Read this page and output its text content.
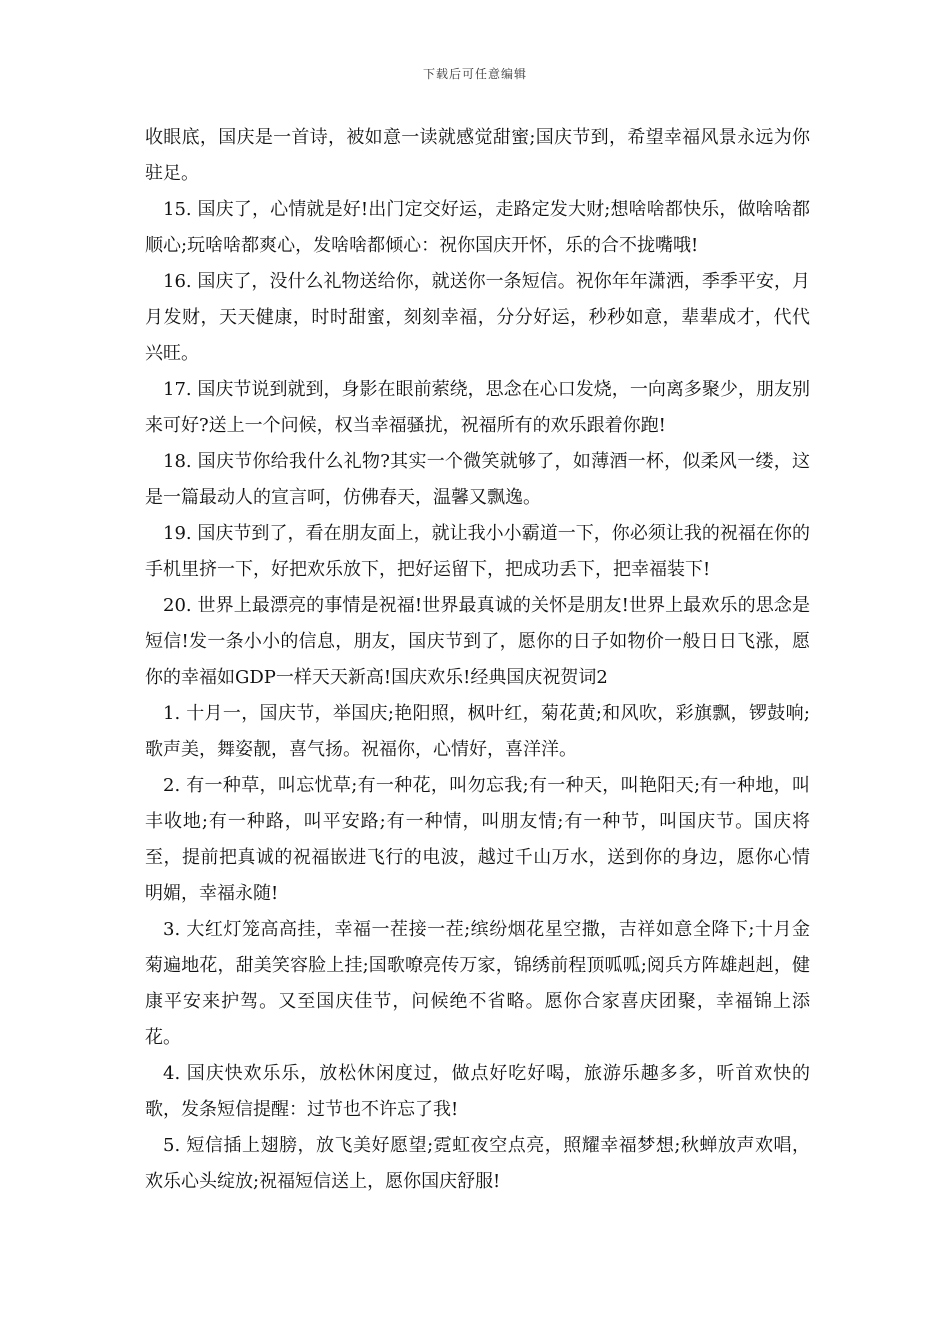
下载后可任意编辑

收眼底，国庆是一首诗，被如意一读就感觉甜蜜;国庆节到，希望幸福风景永远为你驻足。

15. 国庆了，心情就是好!出门定交好运，走路定发大财;想啥啥都快乐，做啥啥都顺心;玩啥啥都爽心，发啥啥都倾心：祝你国庆开怀，乐的合不拢嘴哦!

16. 国庆了，没什么礼物送给你，就送你一条短信。祝你年年潇洒，季季平安，月月发财，天天健康，时时甜蜜，刻刻幸福，分分好运，秒秒如意，辈辈成才，代代兴旺。

17. 国庆节说到就到，身影在眼前萦绕，思念在心口发烧，一向离多聚少，朋友别来可好?送上一个问候，权当幸福骚扰，祝福所有的欢乐跟着你跑!

18. 国庆节你给我什么礼物?其实一个微笑就够了，如薄酒一杯，似柔风一缕，这是一篇最动人的宣言呵，仿佛春天，温馨又飘逸。

19. 国庆节到了，看在朋友面上，就让我小小霸道一下，你必须让我的祝福在你的手机里挤一下，好把欢乐放下，把好运留下，把成功丢下，把幸福装下!

20. 世界上最漂亮的事情是祝福!世界最真诚的关怀是朋友!世界上最欢乐的思念是短信!发一条小小的信息，朋友，国庆节到了，愿你的日子如物价一般日日飞涨，愿你的幸福如GDP一样天天新高!国庆欢乐!经典国庆祝贺词2

1. 十月一，国庆节，举国庆;艳阳照，枫叶红，菊花黄;和风吹，彩旗飘，锣鼓响;歌声美，舞姿靓，喜气扬。祝福你，心情好，喜洋洋。

2. 有一种草，叫忘忧草;有一种花，叫勿忘我;有一种天，叫艳阳天;有一种地，叫丰收地;有一种路，叫平安路;有一种情，叫朋友情;有一种节，叫国庆节。国庆将至，提前把真诚的祝福嵌进飞行的电波，越过千山万水，送到你的身边，愿你心情明媚，幸福永随!

3. 大红灯笼高高挂，幸福一茬接一茬;缤纷烟花星空撒，吉祥如意全降下;十月金菊遍地花，甜美笑容脸上挂;国歌嘹亮传万家，锦绣前程顶呱呱;阅兵方阵雄赳赳，健康平安来护驾。又至国庆佳节，问候绝不省略。愿你合家喜庆团聚，幸福锦上添花。

4. 国庆快欢乐乐，放松休闲度过，做点好吃好喝，旅游乐趣多多，听首欢快的歌，发条短信提醒：过节也不许忘了我!

5. 短信插上翅膀，放飞美好愿望;霓虹夜空点亮，照耀幸福梦想;秋蝉放声欢唱，欢乐心头绽放;祝福短信送上，愿你国庆舒服!
